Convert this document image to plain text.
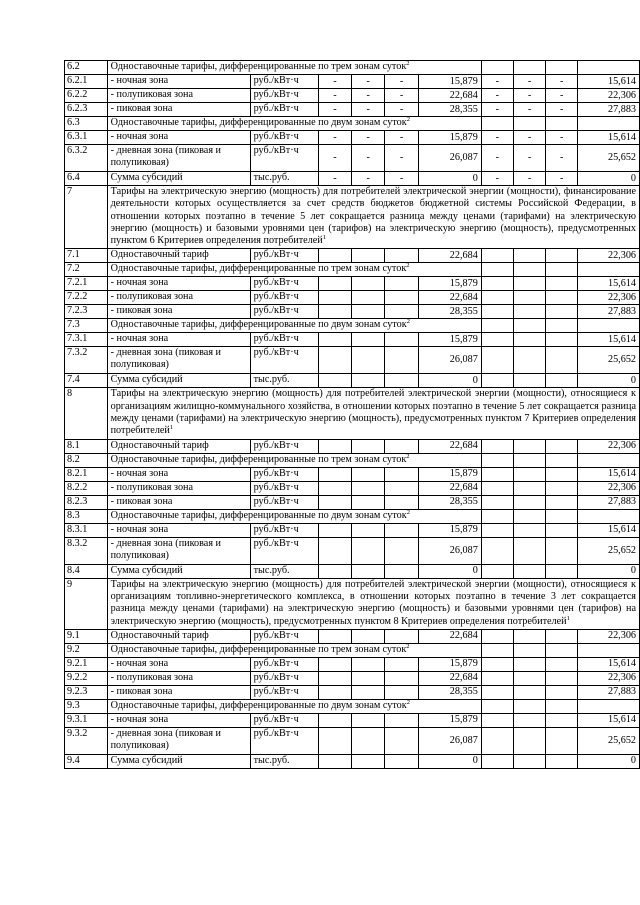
6.2	Одноставочные тарифы, дифференцированные по трем зонам суток$^2$				
6.2.1	- ночная зона	руб./кВт·ч	-	-	-	15,879	-	-	-	15,614
6.2.2	- полупиковая зона	руб./кВт·ч	-	-	-	22,684	-	-	-	22,306
6.2.3	- пиковая зона	руб./кВт·ч	-	-	-	28,355	-	-	-	27,883
6.3	Одноставочные тарифы, дифференцированные по двум зонам суток$^2$				
6.3.1	- ночная зона	руб./кВт·ч	-	-	-	15,879	-	-	-	15,614
6.3.2	- дневная зона (пиковая и полупиковая)	руб./кВт·ч	-	-	-	26,087	-	-	-	25,652
6.4	Сумма субсидий	тыс.руб.	-	-	-	0	-	-	-	0
7	Тарифы на электрическую энергию (мощность) для потребителей электрической энергии (мощности), финансирование деятельности которых осуществляется за счет средств бюджетов бюджетной системы Российской Федерации, в отношении которых поэтапно в течение 5 лет сокращается разница между ценами (тарифами) на электрическую энергию (мощность) и базовыми уровнями цен (тарифов) на электрическую энергию (мощность), предусмотренных пунктом 6 Критериев определения потребителей$^1$
7.1	Одноставочный тариф	руб./кВт·ч				22,684				22,306
7.2	Одноставочные тарифы, дифференцированные по трем зонам суток$^2$				
7.2.1	- ночная зона	руб./кВт·ч				15,879				15,614
7.2.2	- полупиковая зона	руб./кВт·ч				22,684				22,306
7.2.3	- пиковая зона	руб./кВт·ч				28,355				27,883
7.3	Одноставочные тарифы, дифференцированные по двум зонам суток$^2$				
7.3.1	- ночная зона	руб./кВт·ч				15,879				15,614
7.3.2	- дневная зона (пиковая и полупиковая)	руб./кВт·ч				26,087				25,652
7.4	Сумма субсидий	тыс.руб.				0				0
8	Тарифы на электрическую энергию (мощность) для потребителей электрической энергии (мощности), относящиеся к организациям жилищно-коммунального хозяйства, в отношении которых поэтапно в течение 5 лет сокращается разница между ценами (тарифами) на электрическую энергию (мощность), предусмотренных пунктом 7 Критериев определения потребителей$^1$
8.1	Одноставочный тариф	руб./кВт·ч				22,684				22,306
8.2	Одноставочные тарифы, дифференцированные по трем зонам суток$^2$				
8.2.1	- ночная зона	руб./кВт·ч				15,879				15,614
8.2.2	- полупиковая зона	руб./кВт·ч				22,684				22,306
8.2.3	- пиковая зона	руб./кВт·ч				28,355				27,883
8.3	Одноставочные тарифы, дифференцированные по двум зонам суток$^2$				
8.3.1	- ночная зона	руб./кВт·ч				15,879				15,614
8.3.2	- дневная зона (пиковая и полупиковая)	руб./кВт·ч				26,087				25,652
8.4	Сумма субсидий	тыс.руб.				0				0
9	Тарифы на электрическую энергию (мощность) для потребителей электрической энергии (мощности), относящиеся к организациям топливно-энергетического комплекса, в отношении которых поэтапно в течение 3 лет сокращается разница между ценами (тарифами) на электрическую энергию (мощность) и базовыми уровнями цен (тарифов) на электрическую энергию (мощность), предусмотренных пунктом 8 Критериев определения потребителей$^1$
9.1	Одноставочный тариф	руб./кВт·ч				22,684				22,306
9.2	Одноставочные тарифы, дифференцированные по трем зонам суток$^2$				
9.2.1	- ночная зона	руб./кВт·ч				15,879				15,614
9.2.2	- полупиковая зона	руб./кВт·ч				22,684				22,306
9.2.3	- пиковая зона	руб./кВт·ч				28,355				27,883
9.3	Одноставочные тарифы, дифференцированные по двум зонам суток$^2$				
9.3.1	- ночная зона	руб./кВт·ч				15,879				15,614
9.3.2	- дневная зона (пиковая и полупиковая)	руб./кВт·ч				26,087				25,652
9.4	Сумма субсидий	тыс.руб.				0				0
